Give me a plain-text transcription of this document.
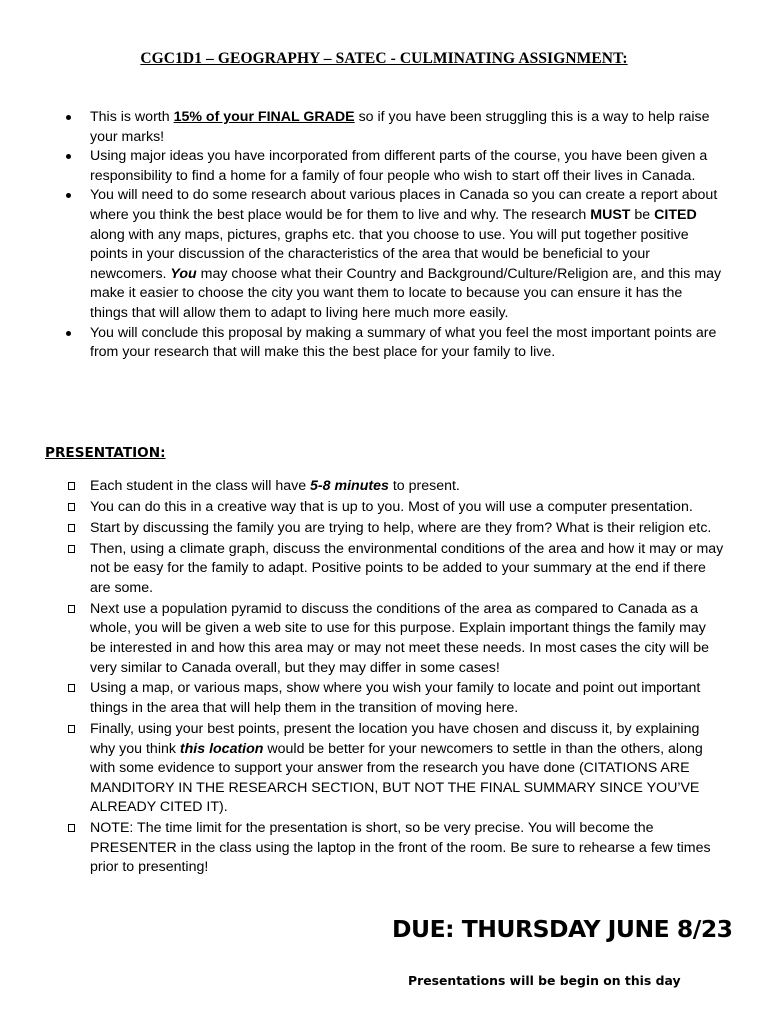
CGC1D1 – GEOGRAPHY – SATEC - CULMINATING ASSIGNMENT:
This is worth 15% of your FINAL GRADE so if you have been struggling this is a way to help raise your marks!
Using major ideas you have incorporated from different parts of the course, you have been given a responsibility to find a home for a family of four people who wish to start off their lives in Canada.
You will need to do some research about various places in Canada so you can create a report about where you think the best place would be for them to live and why. The research MUST be CITED along with any maps, pictures, graphs etc. that you choose to use. You will put together positive points in your discussion of the characteristics of the area that would be beneficial to your newcomers. You may choose what their Country and Background/Culture/Religion are, and this may make it easier to choose the city you want them to locate to because you can ensure it has the things that will allow them to adapt to living here much more easily.
You will conclude this proposal by making a summary of what you feel the most important points are from your research that will make this the best place for your family to live.
PRESENTATION:
Each student in the class will have 5-8 minutes to present.
You can do this in a creative way that is up to you. Most of you will use a computer presentation.
Start by discussing the family you are trying to help, where are they from? What is their religion etc.
Then, using a climate graph, discuss the environmental conditions of the area and how it may or may not be easy for the family to adapt. Positive points to be added to your summary at the end if there are some.
Next use a population pyramid to discuss the conditions of the area as compared to Canada as a whole, you will be given a web site to use for this purpose. Explain important things the family may be interested in and how this area may or may not meet these needs. In most cases the city will be very similar to Canada overall, but they may differ in some cases!
Using a map, or various maps, show where you wish your family to locate and point out important things in the area that will help them in the transition of moving here.
Finally, using your best points, present the location you have chosen and discuss it, by explaining why you think this location would be better for your newcomers to settle in than the others, along with some evidence to support your answer from the research you have done (CITATIONS ARE MANDITORY IN THE RESEARCH SECTION, BUT NOT THE FINAL SUMMARY SINCE YOU’VE ALREADY CITED IT).
NOTE: The time limit for the presentation is short, so be very precise. You will become the PRESENTER in the class using the laptop in the front of the room. Be sure to rehearse a few times prior to presenting!
DUE: THURSDAY JUNE 8/23
Presentations will be begin on this day
